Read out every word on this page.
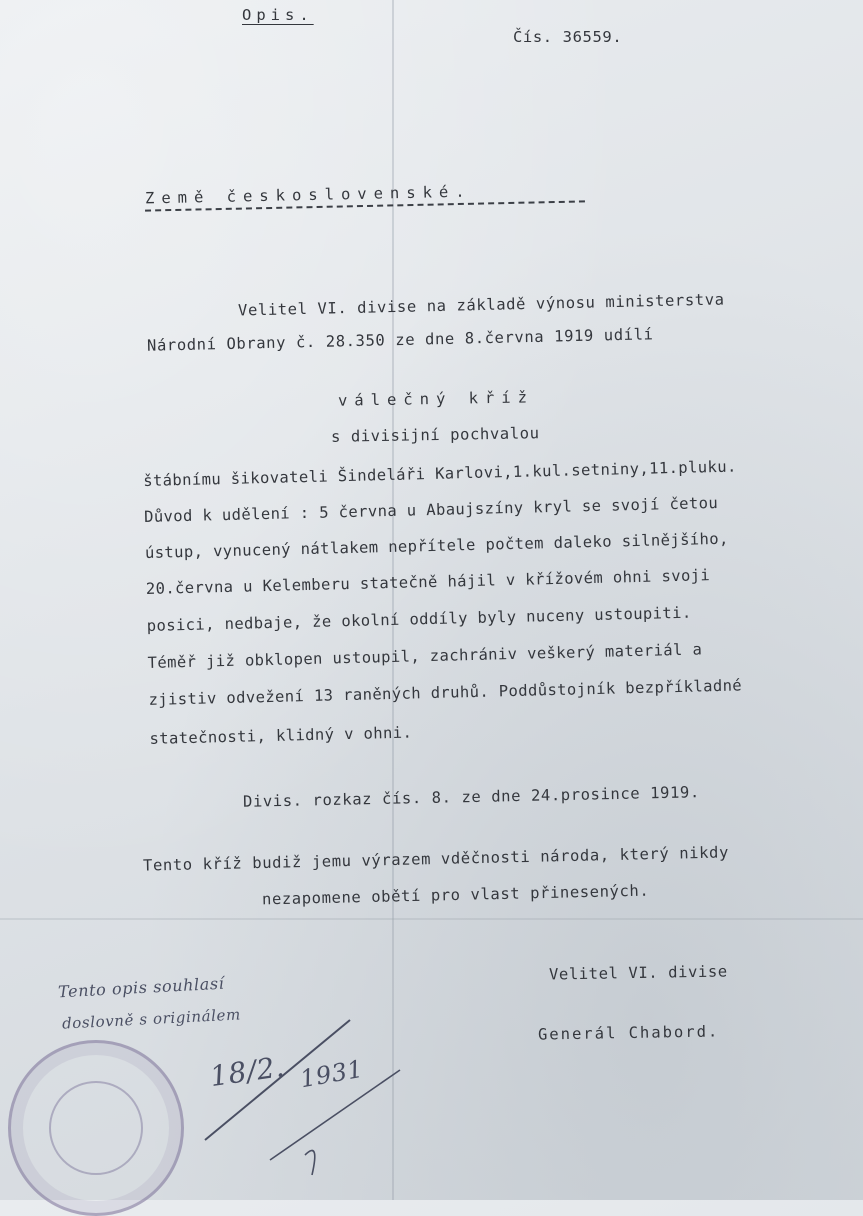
Opis.
Čís. 36559.
Země československé.
Velitel VI. divise na základě výnosu ministerstva
Národní Obrany č. 28.350 ze dne 8.června 1919 udílí
válečný kříž
s divisijní pochvalou
štábnímu šikovateli Šindeláři Karlovi,1.kul.setniny,11.pluku.
Důvod k udělení : 5 června u Abaujszíny kryl se svojí četou
ústup, vynucený nátlakem nepřítele počtem daleko silnějšího,
20.června u Kelemberu statečně hájil v křížovém ohni svoji
posici, nedbaje, že okolní oddíly byly nuceny ustoupiti.
Téměř již obklopen ustoupil, zachrániv veškerý materiál a
zjistiv odvežení 13 raněných druhů. Poddůstojník bezpříkladné
statečnosti, klidný v ohni.
Divis. rozkaz čís. 8. ze dne 24.prosince 1919.
Tento kříž budiž jemu výrazem vděčnosti národa, který nikdy
nezapomene obětí pro vlast přinesených.
Velitel VI. divise
Generál Chabord.
Tento opis souhlasí
doslovně s originálem
18/2. 1931
